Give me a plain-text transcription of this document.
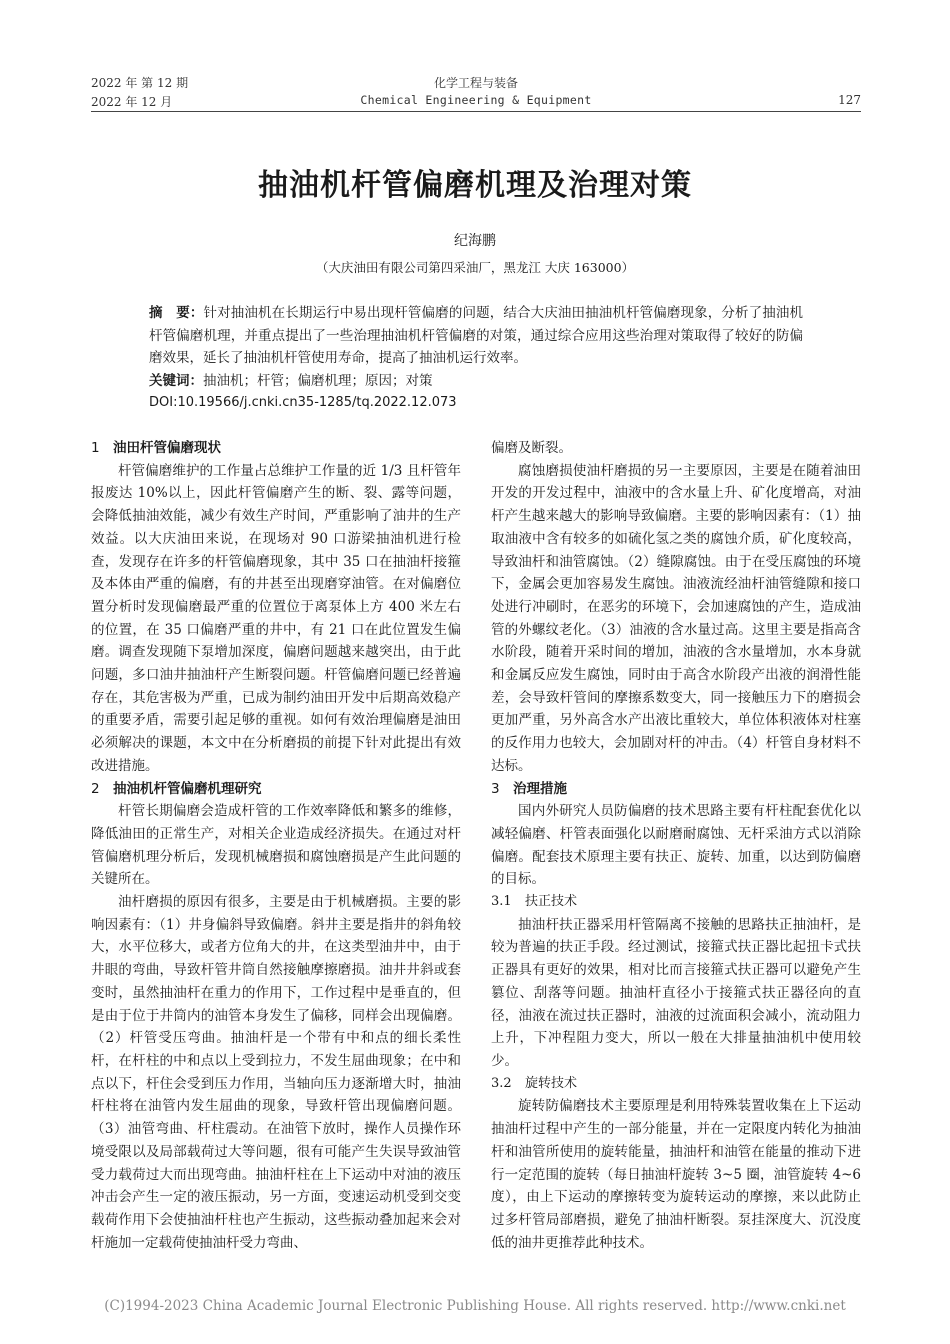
2022 年 第 12 期	化学工程与装备
2022 年 12 月	Chemical Engineering & Equipment	127
抽油机杆管偏磨机理及治理对策
纪海鹏
（大庆油田有限公司第四采油厂，黑龙江 大庆 163000）
摘　要：针对抽油机在长期运行中易出现杆管偏磨的问题，结合大庆油田抽油机杆管偏磨现象，分析了抽油机杆管偏磨机理，并重点提出了一些治理抽油机杆管偏磨的对策，通过综合应用这些治理对策取得了较好的防偏磨效果，延长了抽油机杆管使用寿命，提高了抽油机运行效率。
关键词：抽油机；杆管；偏磨机理；原因；对策
DOI:10.19566/j.cnki.cn35-1285/tq.2022.12.073
1 油田杆管偏磨现状

杆管偏磨维护的工作量占总维护工作量的近 1/3 且杆管年报废达 10%以上，因此杆管偏磨产生的断、裂、露等问题，会降低抽油效能，减少有效生产时间，严重影响了油井的生产效益。以大庆油田来说，在现场对 90 口游梁抽油机进行检查，发现存在许多的杆管偏磨现象，其中 35 口在抽油杆接箍及本体由严重的偏磨，有的井甚至出现磨穿油管。在对偏磨位置分析时发现偏磨最严重的位置位于离泵体上方 400 米左右的位置，在 35 口偏磨严重的井中，有 21 口在此位置发生偏磨。调查发现随下泵增加深度，偏磨问题越来越突出，由于此问题，多口油井抽油杆产生断裂问题。杆管偏磨问题已经普遍存在，其危害极为严重，已成为制约油田开发中后期高效稳产的重要矛盾，需要引起足够的重视。如何有效治理偏磨是油田必须解决的课题，本文中在分析磨损的前提下针对此提出有效改进措施。

2 抽油机杆管偏磨机理研究

杆管长期偏磨会造成杆管的工作效率降低和繁多的维修，降低油田的正常生产，对相关企业造成经济损失。在通过对杆管偏磨机理分析后，发现机械磨损和腐蚀磨损是产生此问题的关键所在。

油杆磨损的原因有很多，主要是由于机械磨损。主要的影响因素有：（1）井身偏斜导致偏磨。斜井主要是指井的斜角较大，水平位移大，或者方位角大的井，在这类型油井中，由于井眼的弯曲，导致杆管井筒自然接触摩擦磨损。油井井斜或套变时，虽然抽油杆在重力的作用下，工作过程中是垂直的，但是由于位于井筒内的油管本身发生了偏移，同样会出现偏磨。（2）杆管受压弯曲。抽油杆是一个带有中和点的细长柔性杆，在杆柱的中和点以上受到拉力，不发生屈曲现象；在中和点以下，杆住会受到压力作用，当轴向压力逐渐增大时，抽油杆柱将在油管内发生屈曲的现象，导致杆管出现偏磨问题。（3）油管弯曲、杆柱震动。在油管下放时，操作人员操作环境受限以及局部载荷过大等问题，很有可能产生失误导致油管受力载荷过大而出现弯曲。抽油杆柱在上下运动中对油的液压冲击会产生一定的液压振动，另一方面，变速运动机受到交变载荷作用下会使抽油杆柱也产生振动，这些振动叠加起来会对杆施加一定载荷使抽油杆受力弯曲、

偏磨及断裂。

腐蚀磨损使油杆磨损的另一主要原因，主要是在随着油田开发的开发过程中，油液中的含水量上升、矿化度增高，对油杆产生越来越大的影响导致偏磨。主要的影响因素有：（1）抽取油液中含有较多的如硫化氢之类的腐蚀介质，矿化度较高，导致油杆和油管腐蚀。（2）缝隙腐蚀。由于在受压腐蚀的环境下，金属会更加容易发生腐蚀。油液流经油杆油管缝隙和接口处进行冲刷时，在恶劣的环境下，会加速腐蚀的产生，造成油管的外螺纹老化。（3）油液的含水量过高。这里主要是指高含水阶段，随着开采时间的增加，油液的含水量增加，水本身就和金属反应发生腐蚀，同时由于高含水阶段产出液的润滑性能差，会导致杆管间的摩擦系数变大，同一接触压力下的磨损会更加严重，另外高含水产出液比重较大，单位体积液体对柱塞的反作用力也较大，会加剧对杆的冲击。（4）杆管自身材料不达标。

3 治理措施

国内外研究人员防偏磨的技术思路主要有杆柱配套优化以减轻偏磨、杆管表面强化以耐磨耐腐蚀、无杆采油方式以消除偏磨。配套技术原理主要有扶正、旋转、加重，以达到防偏磨的目标。

3.1 扶正技术

抽油杆扶正器采用杆管隔离不接触的思路扶正抽油杆，是较为普遍的扶正手段。经过测试，接箍式扶正器比起扭卡式扶正器具有更好的效果，相对比而言接箍式扶正器可以避免产生篡位、刮落等问题。抽油杆直径小于接箍式扶正器径向的直径，油液在流过扶正器时，油液的过流面积会减小，流动阻力上升，下冲程阻力变大，所以一般在大排量抽油机中使用较少。

3.2 旋转技术

旋转防偏磨技术主要原理是利用特殊装置收集在上下运动抽油杆过程中产生的一部分能量，并在一定限度内转化为抽油杆和油管所使用的旋转能量，抽油杆和油管在能量的推动下进行一定范围的旋转（每日抽油杆旋转 3~5 圈，油管旋转 4~6 度），由上下运动的摩擦转变为旋转运动的摩擦，来以此防止过多杆管局部磨损，避免了抽油杆断裂。泵挂深度大、沉没度低的油井更推荐此种技术。

(C)1994-2023 China Academic Journal Electronic Publishing House. All rights reserved. http://www.cnki.net
